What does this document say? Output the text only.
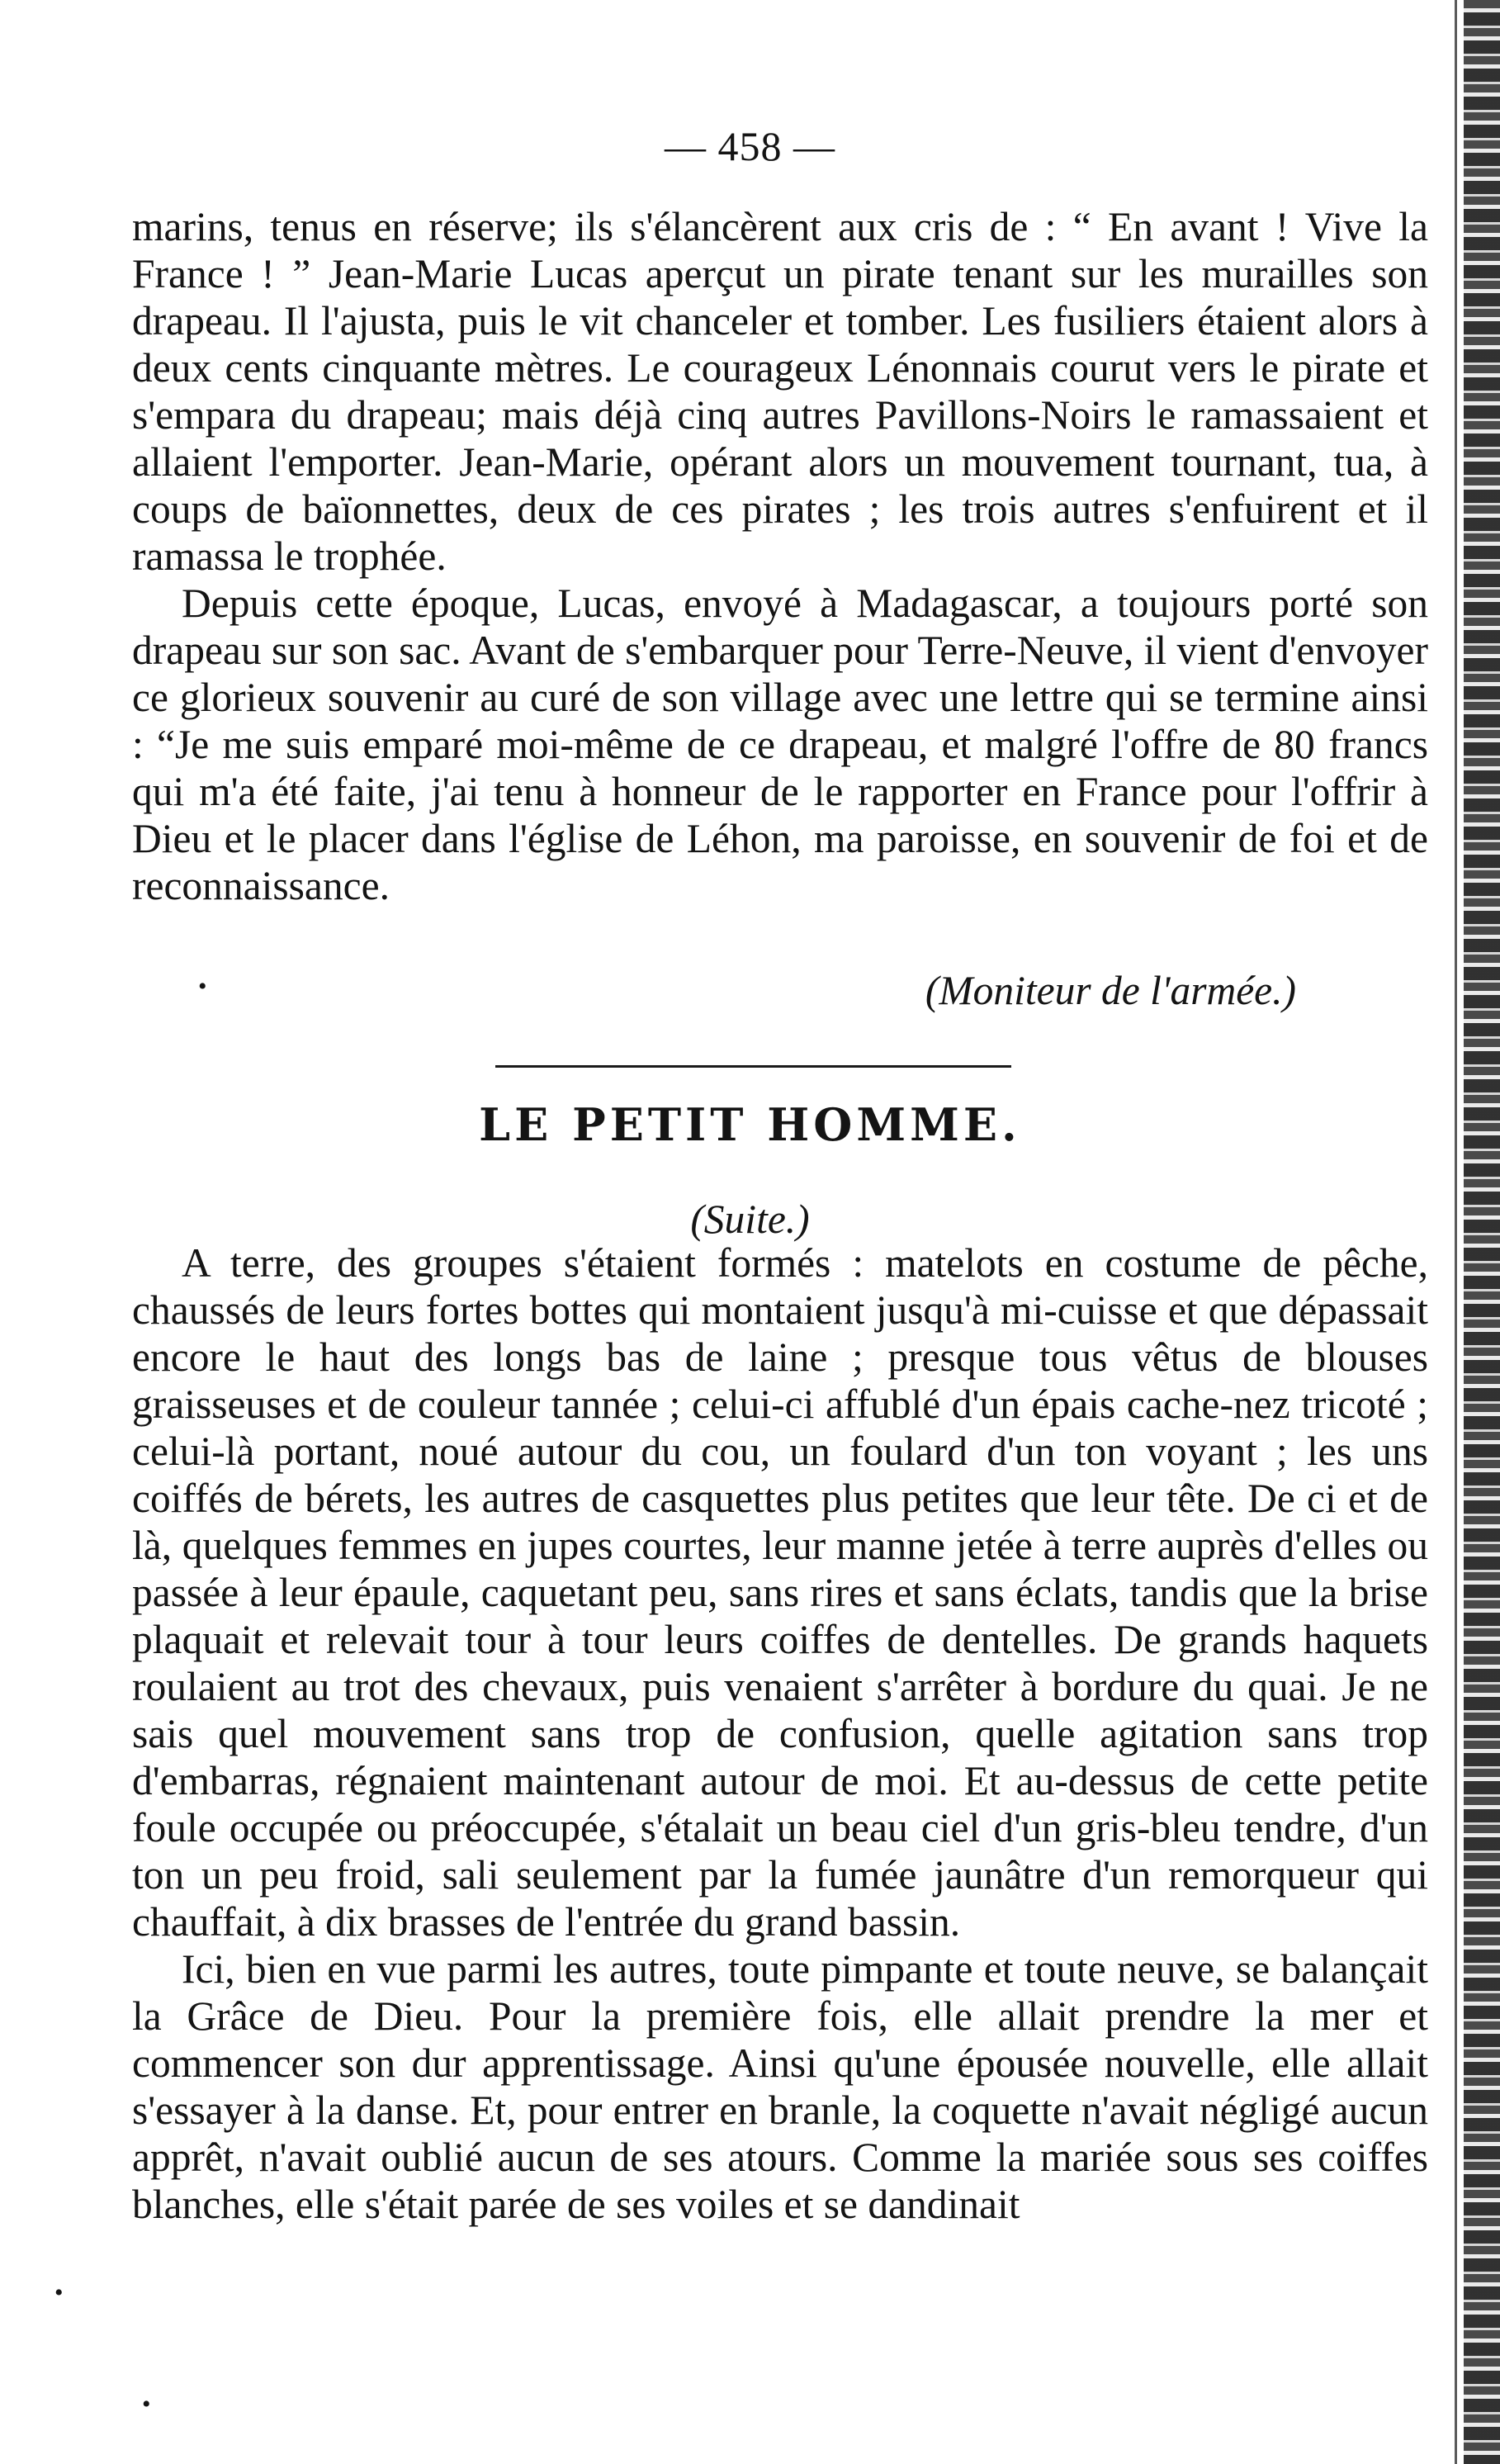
— 458 —

marins, tenus en réserve; ils s'élancèrent aux cris de : “ En avant ! Vive la France ! ” Jean-Marie Lucas aperçut un pirate tenant sur les murailles son drapeau. Il l'ajusta, puis le vit chanceler et tomber. Les fusiliers étaient alors à deux cents cinquante mètres. Le courageux Lénonnais courut vers le pirate et s'empara du drapeau; mais déjà cinq autres Pavillons-Noirs le ramassaient et allaient l'emporter. Jean-Marie, opérant alors un mouvement tournant, tua, à coups de baïonnettes, deux de ces pirates ; les trois autres s'enfuirent et il ramassa le trophée.

Depuis cette époque, Lucas, envoyé à Madagascar, a toujours porté son drapeau sur son sac. Avant de s'embarquer pour Terre-Neuve, il vient d'envoyer ce glorieux souvenir au curé de son village avec une lettre qui se termine ainsi : “Je me suis emparé moi-même de ce drapeau, et malgré l'offre de 80 francs qui m'a été faite, j'ai tenu à honneur de le rapporter en France pour l'offrir à Dieu et le placer dans l'église de Léhon, ma paroisse, en souvenir de foi et de reconnaissance.

•	(Moniteur de l'armée.)
LE PETIT HOMME.
(Suite.)

A terre, des groupes s'étaient formés : matelots en costume de pêche, chaussés de leurs fortes bottes qui montaient jusqu'à mi-cuisse et que dépassait encore le haut des longs bas de laine ; presque tous vêtus de blouses graisseuses et de couleur tannée ; celui-ci affublé d'un épais cache-nez tricoté ; celui-là portant, noué autour du cou, un foulard d'un ton voyant ; les uns coiffés de bérets, les autres de casquettes plus petites que leur tête. De ci et de là, quelques femmes en jupes courtes, leur manne jetée à terre auprès d'elles ou passée à leur épaule, caquetant peu, sans rires et sans éclats, tandis que la brise plaquait et relevait tour à tour leurs coiffes de dentelles. De grands haquets roulaient au trot des chevaux, puis venaient s'arrêter à bordure du quai. Je ne sais quel mouvement sans trop de confusion, quelle agitation sans trop d'embarras, régnaient maintenant autour de moi. Et au-dessus de cette petite foule occupée ou préoccupée, s'étalait un beau ciel d'un gris-bleu tendre, d'un ton un peu froid, sali seulement par la fumée jaunâtre d'un remorqueur qui chauffait, à dix brasses de l'entrée du grand bassin.

Ici, bien en vue parmi les autres, toute pimpante et toute neuve, se balançait la Grâce de Dieu. Pour la première fois, elle allait prendre la mer et commencer son dur apprentissage. Ainsi qu'une épousée nouvelle, elle allait s'essayer à la danse. Et, pour entrer en branle, la coquette n'avait négligé aucun apprêt, n'avait oublié aucun de ses atours. Comme la mariée sous ses coiffes blanches, elle s'était parée de ses voiles et se dandinait

•
•
